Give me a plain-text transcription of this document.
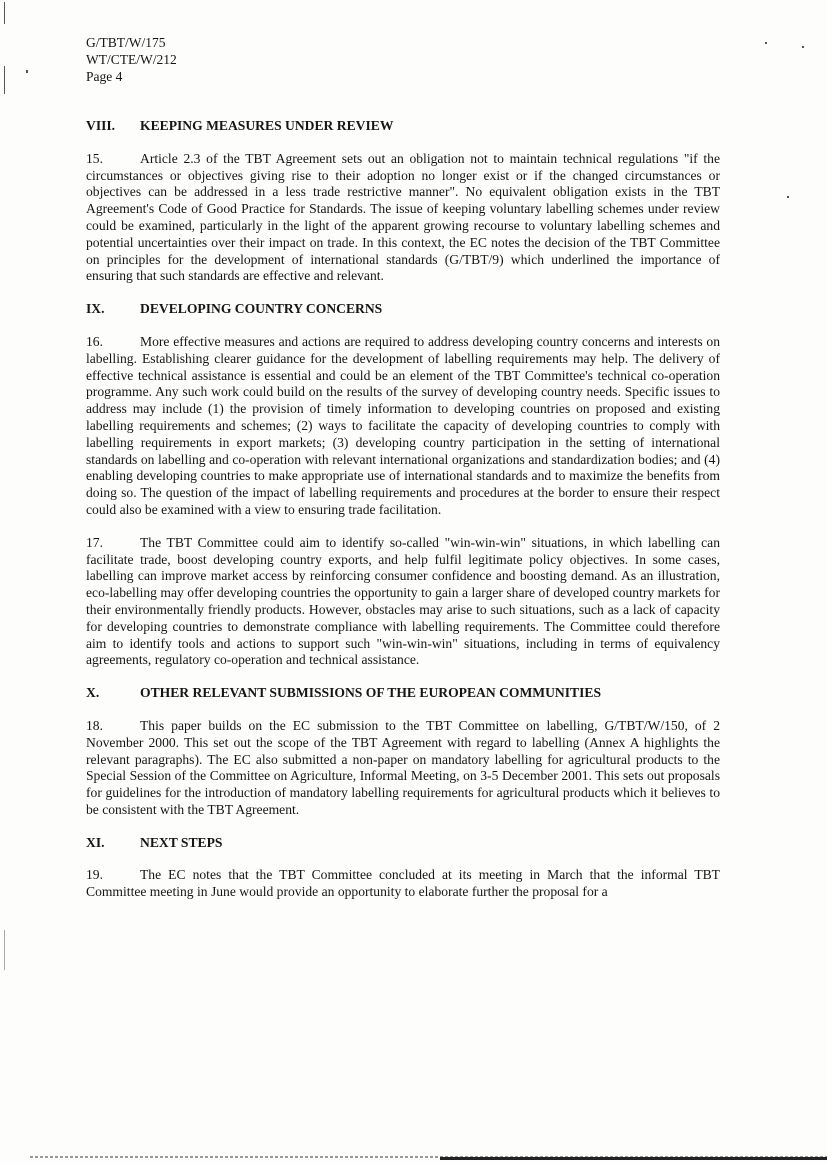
G/TBT/W/175
WT/CTE/W/212
Page 4
VIII.	KEEPING MEASURES UNDER REVIEW

15.	Article 2.3 of the TBT Agreement sets out an obligation not to maintain technical regulations "if the circumstances or objectives giving rise to their adoption no longer exist or if the changed circumstances or objectives can be addressed in a less trade restrictive manner". No equivalent obligation exists in the TBT Agreement's Code of Good Practice for Standards. The issue of keeping voluntary labelling schemes under review could be examined, particularly in the light of the apparent growing recourse to voluntary labelling schemes and potential uncertainties over their impact on trade. In this context, the EC notes the decision of the TBT Committee on principles for the development of international standards (G/TBT/9) which underlined the importance of ensuring that such standards are effective and relevant.

IX.	DEVELOPING COUNTRY CONCERNS

16.	More effective measures and actions are required to address developing country concerns and interests on labelling. Establishing clearer guidance for the development of labelling requirements may help. The delivery of effective technical assistance is essential and could be an element of the TBT Committee's technical co-operation programme. Any such work could build on the results of the survey of developing country needs. Specific issues to address may include (1) the provision of timely information to developing countries on proposed and existing labelling requirements and schemes; (2) ways to facilitate the capacity of developing countries to comply with labelling requirements in export markets; (3) developing country participation in the setting of international standards on labelling and co-operation with relevant international organizations and standardization bodies; and (4) enabling developing countries to make appropriate use of international standards and to maximize the benefits from doing so. The question of the impact of labelling requirements and procedures at the border to ensure their respect could also be examined with a view to ensuring trade facilitation.

17.	The TBT Committee could aim to identify so-called "win-win-win" situations, in which labelling can facilitate trade, boost developing country exports, and help fulfil legitimate policy objectives. In some cases, labelling can improve market access by reinforcing consumer confidence and boosting demand. As an illustration, eco-labelling may offer developing countries the opportunity to gain a larger share of developed country markets for their environmentally friendly products. However, obstacles may arise to such situations, such as a lack of capacity for developing countries to demonstrate compliance with labelling requirements. The Committee could therefore aim to identify tools and actions to support such "win-win-win" situations, including in terms of equivalency agreements, regulatory co-operation and technical assistance.

X.	OTHER RELEVANT SUBMISSIONS OF THE EUROPEAN COMMUNITIES

18.	This paper builds on the EC submission to the TBT Committee on labelling, G/TBT/W/150, of 2 November 2000. This set out the scope of the TBT Agreement with regard to labelling (Annex A highlights the relevant paragraphs). The EC also submitted a non-paper on mandatory labelling for agricultural products to the Special Session of the Committee on Agriculture, Informal Meeting, on 3-5 December 2001. This sets out proposals for guidelines for the introduction of mandatory labelling requirements for agricultural products which it believes to be consistent with the TBT Agreement.

XI.	NEXT STEPS

19.	The EC notes that the TBT Committee concluded at its meeting in March that the informal TBT Committee meeting in June would provide an opportunity to elaborate further the proposal for a
